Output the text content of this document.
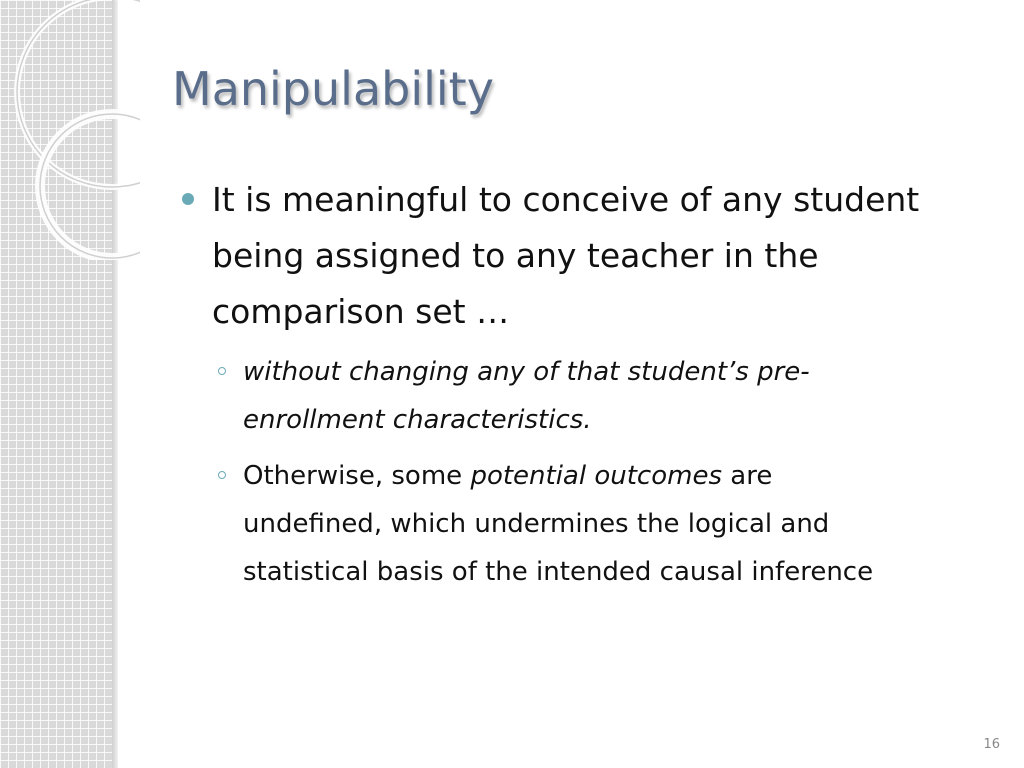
Manipulability

It is meaningful to conceive of any student being assigned to any teacher in the comparison set …

without changing any of that student’s pre-enrollment characteristics.

Otherwise, some potential outcomes are undefined, which undermines the logical and statistical basis of the intended causal inference

16
